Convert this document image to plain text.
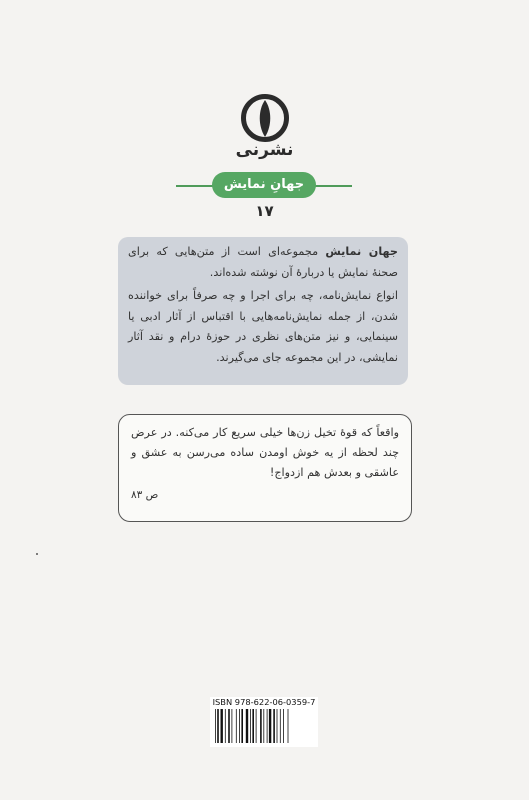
نشرنی
جهانِ نمایش
۱۷

جهان نمایش مجموعه‌ای است از متن‌هایی که برای صحنهٔ نمایش یا دربارهٔ آن نوشته شده‌اند.

انواع نمایش‌نامه، چه برای اجرا و چه صرفاً برای خواننده شدن، از جمله نمایش‌نامه‌هایی با اقتباس از آثار ادبی یا سینمایی، و نیز متن‌های نظری در حوزهٔ درام و نقد آثار نمایشی، در این مجموعه جای می‌گیرند.

واقعاً که قوهٔ تخیل زن‌ها خیلی سریع کار می‌کنه. در عرض چند لحظه از یه خوش اومدن ساده می‌رسن به عشق و عاشقی و بعدش هم ازدواج!

ص ۸۳
ISBN 978-622-06-0359-7
